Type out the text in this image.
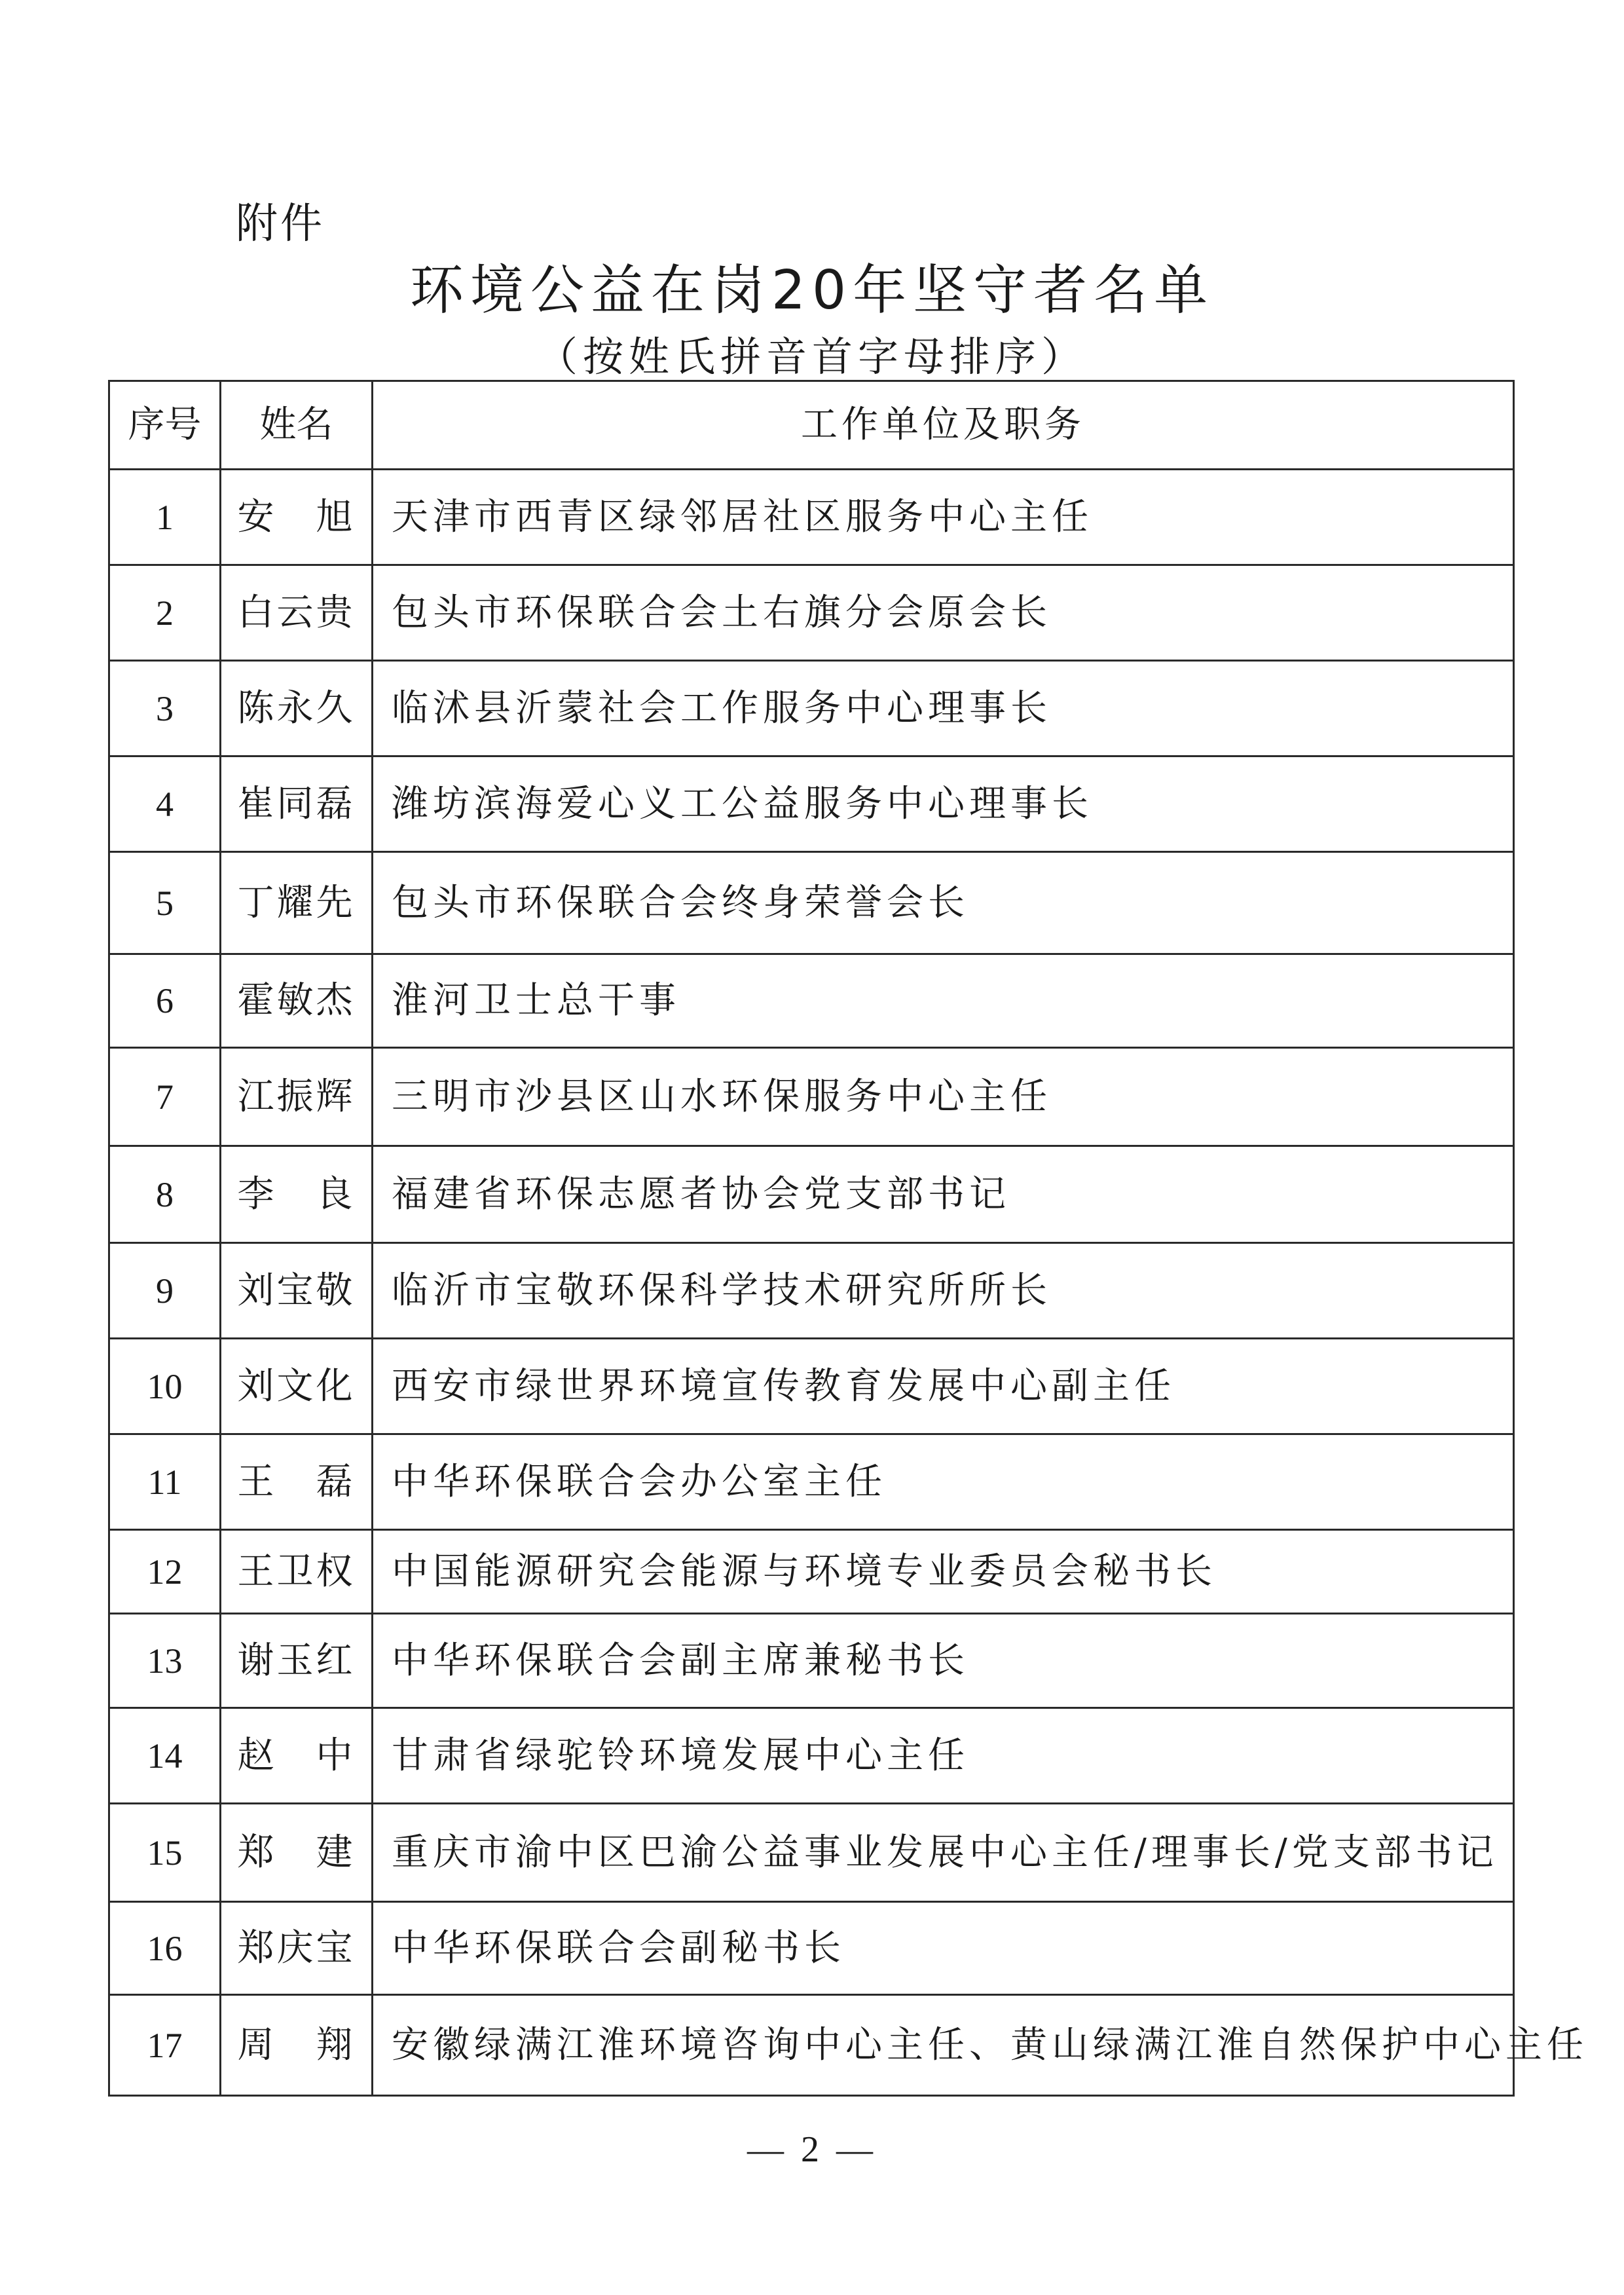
附件
环境公益在岗20年坚守者名单
（按姓氏拼音首字母排序）
序号	姓名	工作单位及职务
1	安　旭	天津市西青区绿邻居社区服务中心主任
2	白云贵	包头市环保联合会土右旗分会原会长
3	陈永久	临沭县沂蒙社会工作服务中心理事长
4	崔同磊	潍坊滨海爱心义工公益服务中心理事长
5	丁耀先	包头市环保联合会终身荣誉会长
6	霍敏杰	淮河卫士总干事
7	江振辉	三明市沙县区山水环保服务中心主任
8	李　良	福建省环保志愿者协会党支部书记
9	刘宝敬	临沂市宝敬环保科学技术研究所所长
10	刘文化	西安市绿世界环境宣传教育发展中心副主任
11	王　磊	中华环保联合会办公室主任
12	王卫权	中国能源研究会能源与环境专业委员会秘书长
13	谢玉红	中华环保联合会副主席兼秘书长
14	赵　中	甘肃省绿驼铃环境发展中心主任
15	郑　建	重庆市渝中区巴渝公益事业发展中心主任/理事长/党支部书记
16	郑庆宝	中华环保联合会副秘书长
17	周　翔	安徽绿满江淮环境咨询中心主任、黄山绿满江淮自然保护中心主任
— 2 —
